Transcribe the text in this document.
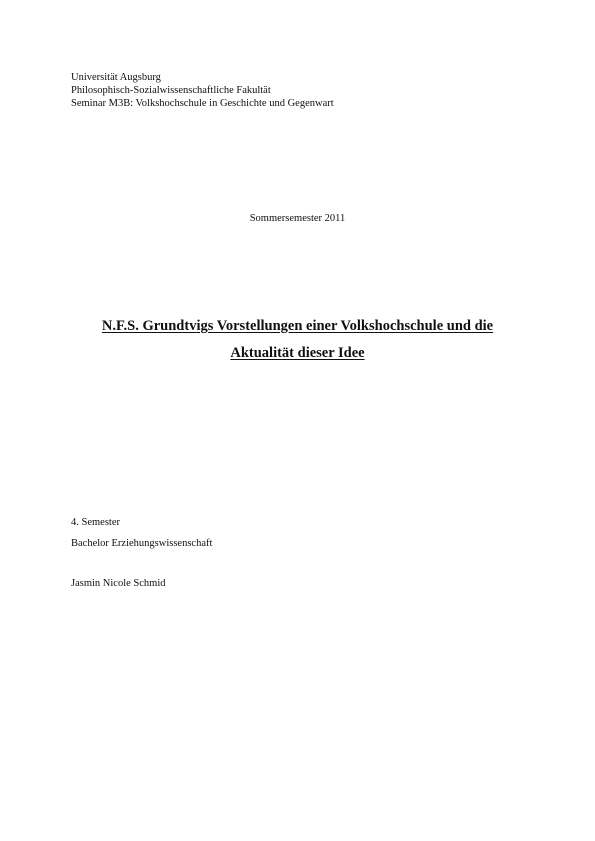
Universität Augsburg
Philosophisch-Sozialwissenschaftliche Fakultät
Seminar M3B: Volkshochschule in Geschichte und Gegenwart
Sommersemester 2011
N.F.S. Grundtvigs Vorstellungen einer Volkshochschule und die
Aktualität dieser Idee
4. Semester
Bachelor Erziehungswissenschaft
Jasmin Nicole Schmid
